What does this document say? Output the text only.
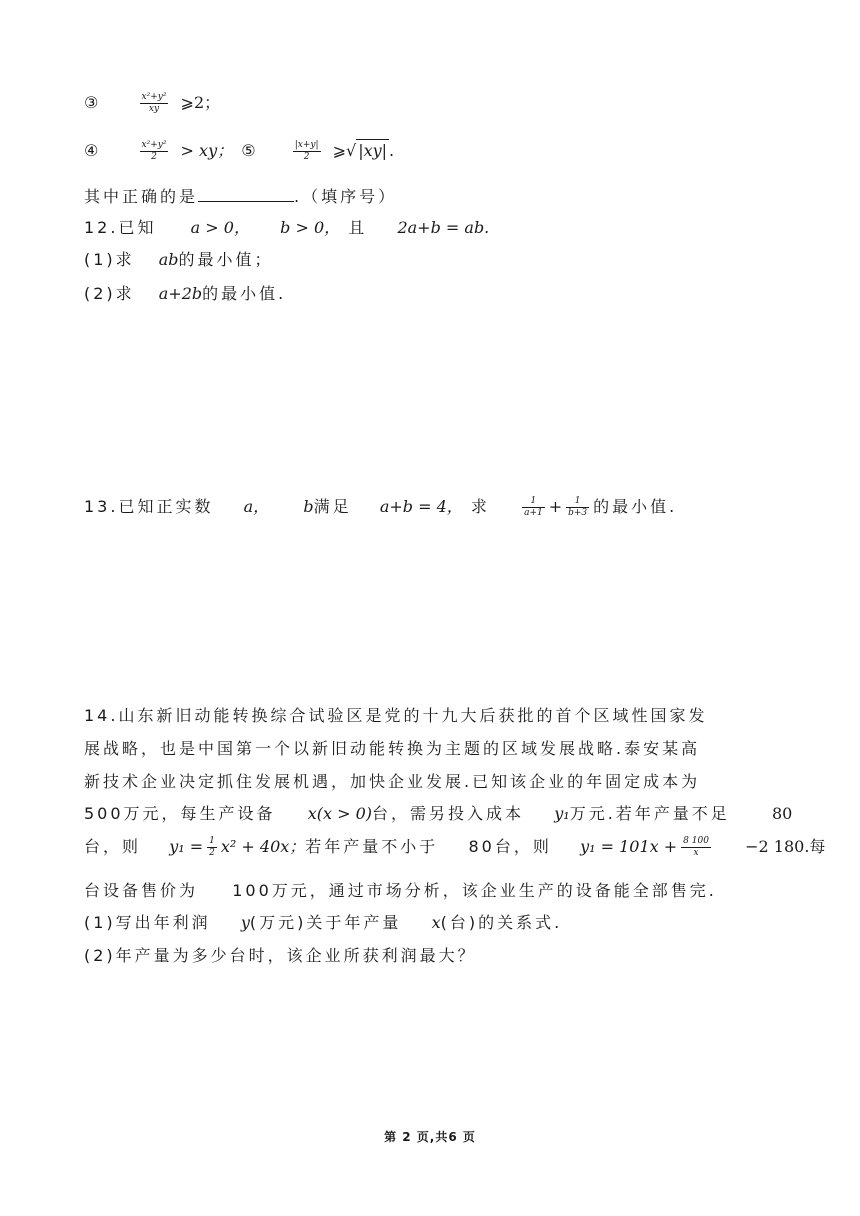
③	$\frac{\text{x²+y²}}{xy}$ ⩾2；
④	$\frac{\text{x²+y²}}{2}$ > xy； ⑤	$\frac{|x+y|}{2}$ ⩾√ |xy| .
其中正确的是	.（填序号）
12.已知 a > 0， b > 0， 且 2a+b = ab.
(1)求 ab的最小值；
(2)求 a+2b的最小值.
13.已知正实数 a， b满足 a+b = 4， 求	$\frac{1}{a+1} + \frac{1}{b+3}$ 的最小值.
14.山东新旧动能转换综合试验区是党的十九大后获批的首个区域性国家发
展战略，也是中国第一个以新旧动能转换为主题的区域发展战略.泰安某高
新技术企业决定抓住发展机遇，加快企业发展.已知该企业的年固定成本为
500万元，每生产设备 x(x > 0)台，需另投入成本 y₁万元.若年产量不足	80
台，则 $y_1 = \frac{1}{2} x^2 + 40x$；若年产量不小于 80台，则 $y_1 = 101x + \frac{8 100}{x} -2$ 180.每
台设备售价为 100万元，通过市场分析，该企业生产的设备能全部售完.
(1)写出年利润 y(万元)关于年产量 x(台)的关系式.
(2)年产量为多少台时，该企业所获利润最大？
第 2 页,共6 页
